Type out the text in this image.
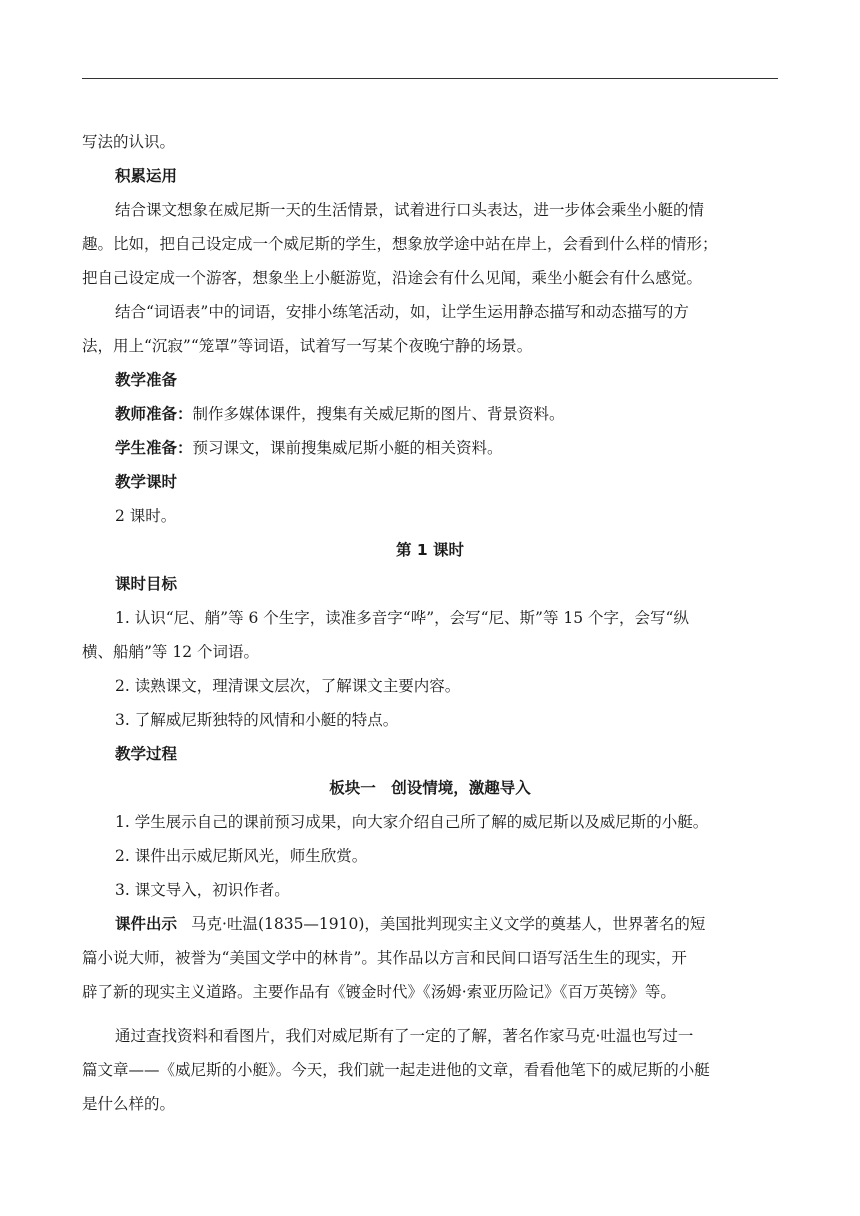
写法的认识。
积累运用
结合课文想象在威尼斯一天的生活情景，试着进行口头表达，进一步体会乘坐小艇的情
趣。比如，把自己设定成一个威尼斯的学生，想象放学途中站在岸上，会看到什么样的情形；
把自己设定成一个游客，想象坐上小艇游览，沿途会有什么见闻，乘坐小艇会有什么感觉。
结合“词语表”中的词语，安排小练笔活动，如，让学生运用静态描写和动态描写的方
法，用上“沉寂”“笼罩”等词语，试着写一写某个夜晚宁静的场景。
教学准备
教师准备：制作多媒体课件，搜集有关威尼斯的图片、背景资料。
学生准备：预习课文，课前搜集威尼斯小艇的相关资料。
教学课时
2 课时。
第 1 课时
课时目标
1. 认识“尼、艄”等 6 个生字，读准多音字“哗”，会写“尼、斯”等 15 个字，会写“纵
横、船艄”等 12 个词语。
2. 读熟课文，理清课文层次，了解课文主要内容。
3. 了解威尼斯独特的风情和小艇的特点。
教学过程
板块一　创设情境，激趣导入
1. 学生展示自己的课前预习成果，向大家介绍自己所了解的威尼斯以及威尼斯的小艇。
2. 课件出示威尼斯风光，师生欣赏。
3. 课文导入，初识作者。
课件出示 马克·吐温(1835—1910)，美国批判现实主义文学的奠基人，世界著名的短
篇小说大师，被誉为“美国文学中的林肯”。其作品以方言和民间口语写活生生的现实，开
辟了新的现实主义道路。主要作品有《镀金时代》《汤姆·索亚历险记》《百万英镑》等。
通过查找资料和看图片，我们对威尼斯有了一定的了解，著名作家马克·吐温也写过一
篇文章——《威尼斯的小艇》。今天，我们就一起走进他的文章，看看他笔下的威尼斯的小艇
是什么样的。
